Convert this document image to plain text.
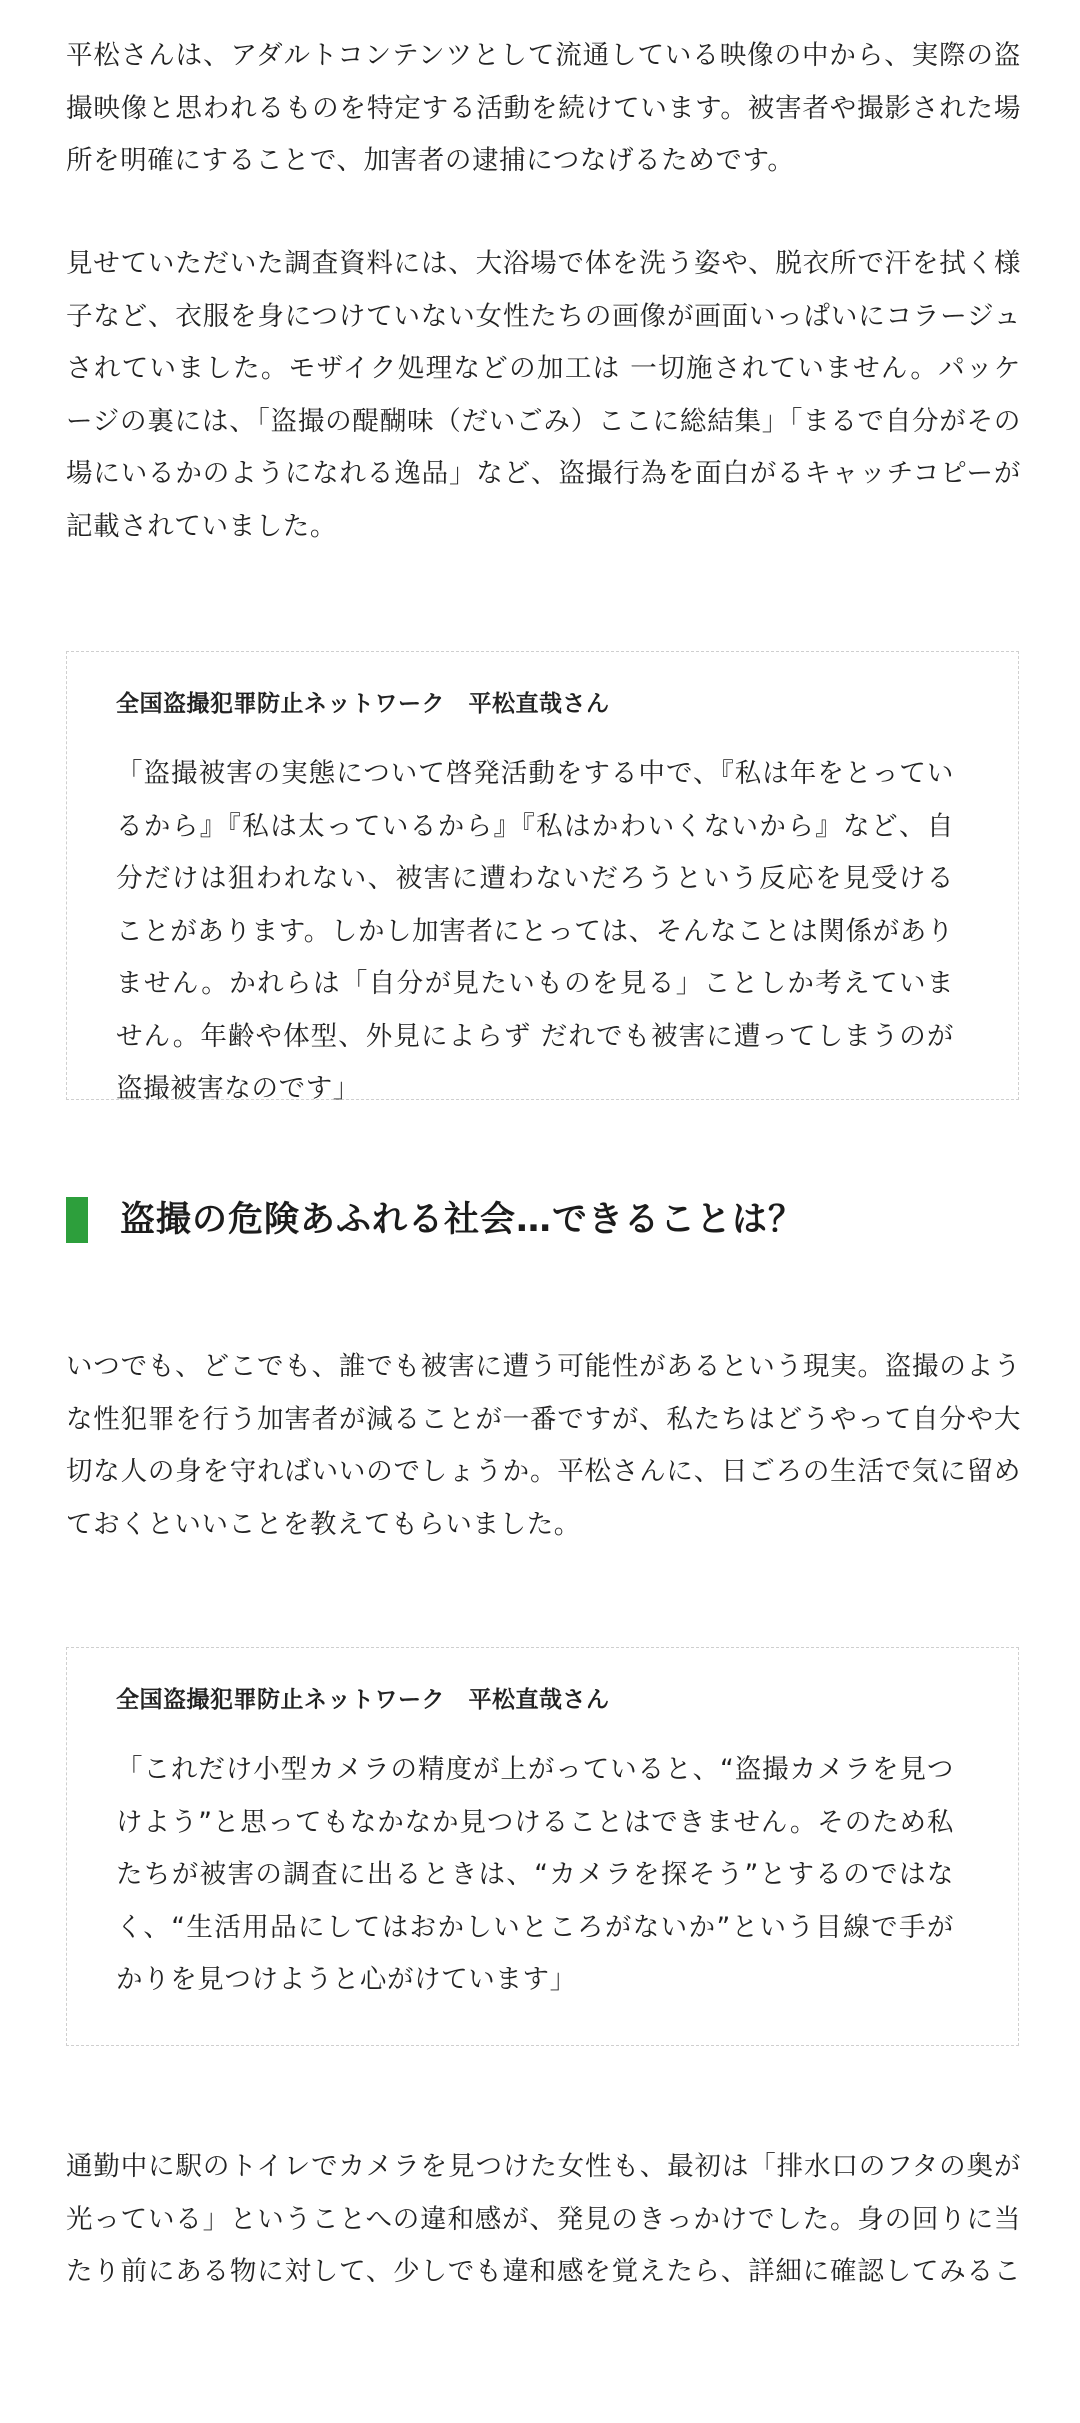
平松さんは、アダルトコンテンツとして流通している映像の中から、実際の盗撮映像と思われるものを特定する活動を続けています。被害者や撮影された場所を明確にすることで、加害者の逮捕につなげるためです。

見せていただいた調査資料には、大浴場で体を洗う姿や、脱衣所で汗を拭く様子など、衣服を身につけていない女性たちの画像が画面いっぱいにコラージュされていました。モザイク処理などの加工は 一切施されていません。パッケージの裏には、「盗撮の醍醐味（だいごみ）ここに総結集」「まるで自分がその場にいるかのようになれる逸品」など、盗撮行為を面白がるキャッチコピーが記載されていました。

全国盗撮犯罪防止ネットワーク　平松直哉さん

「盗撮被害の実態について啓発活動をする中で、『私は年をとっているから』『私は太っているから』『私はかわいくないから』など、自分だけは狙われない、被害に遭わないだろうという反応を見受けることがあります。しかし加害者にとっては、そんなことは関係がありません。かれらは「自分が見たいものを見る」ことしか考えていません。年齢や体型、外見によらず だれでも被害に遭ってしまうのが盗撮被害なのです」

盗撮の危険あふれる社会…できることは？

いつでも、どこでも、誰でも被害に遭う可能性があるという現実。盗撮のような性犯罪を行う加害者が減ることが一番ですが、私たちはどうやって自分や大切な人の身を守ればいいのでしょうか。平松さんに、日ごろの生活で気に留めておくといいことを教えてもらいました。

全国盗撮犯罪防止ネットワーク　平松直哉さん

「これだけ小型カメラの精度が上がっていると、“盗撮カメラを見つけよう”と思ってもなかなか見つけることはできません。そのため私たちが被害の調査に出るときは、“カメラを探そう”とするのではなく、“生活用品にしてはおかしいところがないか”という目線で手がかりを見つけようと心がけています」

通勤中に駅のトイレでカメラを見つけた女性も、最初は「排水口のフタの奥が光っている」ということへの違和感が、発見のきっかけでした。身の回りに当たり前にある物に対して、少しでも違和感を覚えたら、詳細に確認してみるこ
